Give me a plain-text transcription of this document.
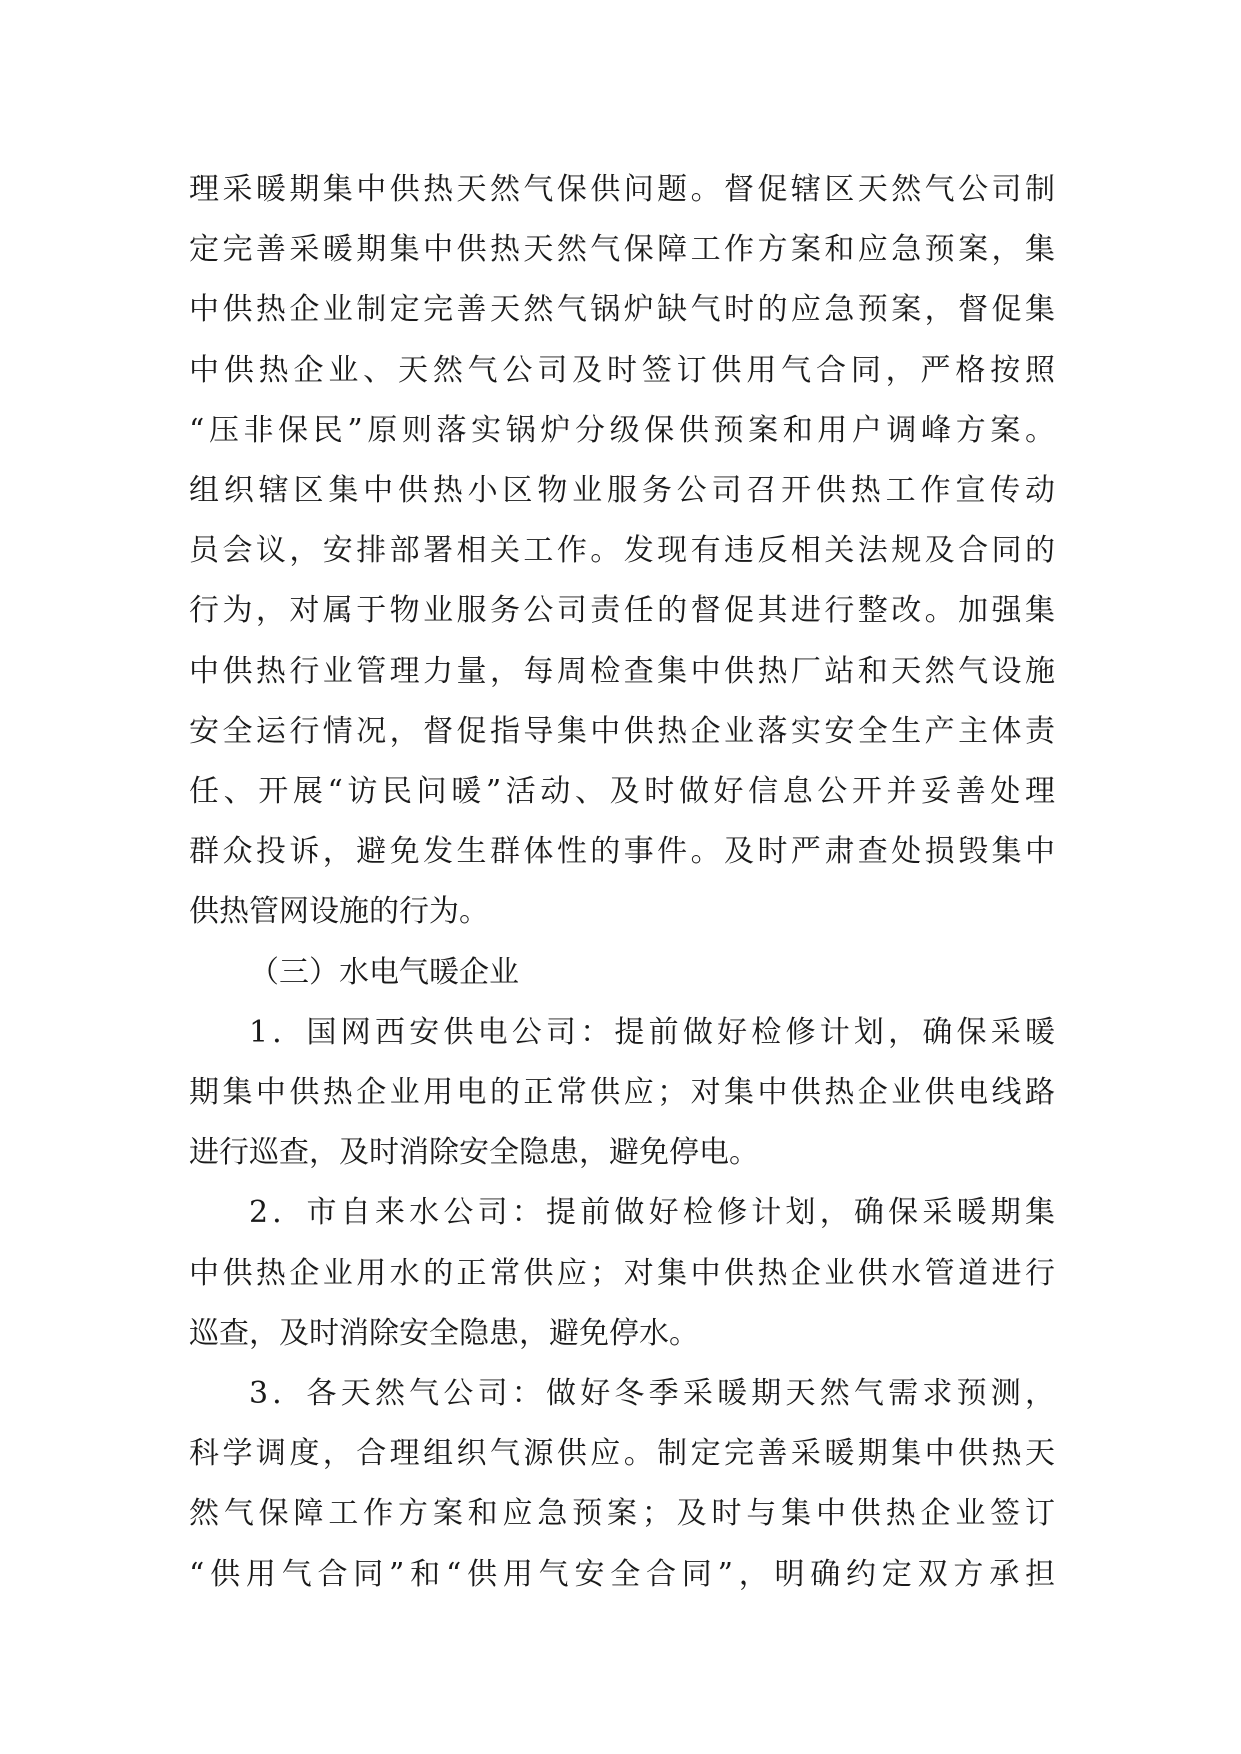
理采暖期集中供热天然气保供问题。督促辖区天然气公司制
定完善采暖期集中供热天然气保障工作方案和应急预案，集
中供热企业制定完善天然气锅炉缺气时的应急预案，督促集
中供热企业、天然气公司及时签订供用气合同，严格按照
“压非保民”原则落实锅炉分级保供预案和用户调峰方案。
组织辖区集中供热小区物业服务公司召开供热工作宣传动
员会议，安排部署相关工作。发现有违反相关法规及合同的
行为，对属于物业服务公司责任的督促其进行整改。加强集
中供热行业管理力量，每周检查集中供热厂站和天然气设施
安全运行情况，督促指导集中供热企业落实安全生产主体责
任、开展“访民问暖”活动、及时做好信息公开并妥善处理
群众投诉，避免发生群体性的事件。及时严肃查处损毁集中
供热管网设施的行为。
（三）水电气暖企业
1．国网西安供电公司：提前做好检修计划，确保采暖
期集中供热企业用电的正常供应；对集中供热企业供电线路
进行巡查，及时消除安全隐患，避免停电。
2．市自来水公司：提前做好检修计划，确保采暖期集
中供热企业用水的正常供应；对集中供热企业供水管道进行
巡查，及时消除安全隐患，避免停水。
3．各天然气公司：做好冬季采暖期天然气需求预测，
科学调度，合理组织气源供应。制定完善采暖期集中供热天
然气保障工作方案和应急预案；及时与集中供热企业签订
“供用气合同”和“供用气安全合同”，明确约定双方承担
